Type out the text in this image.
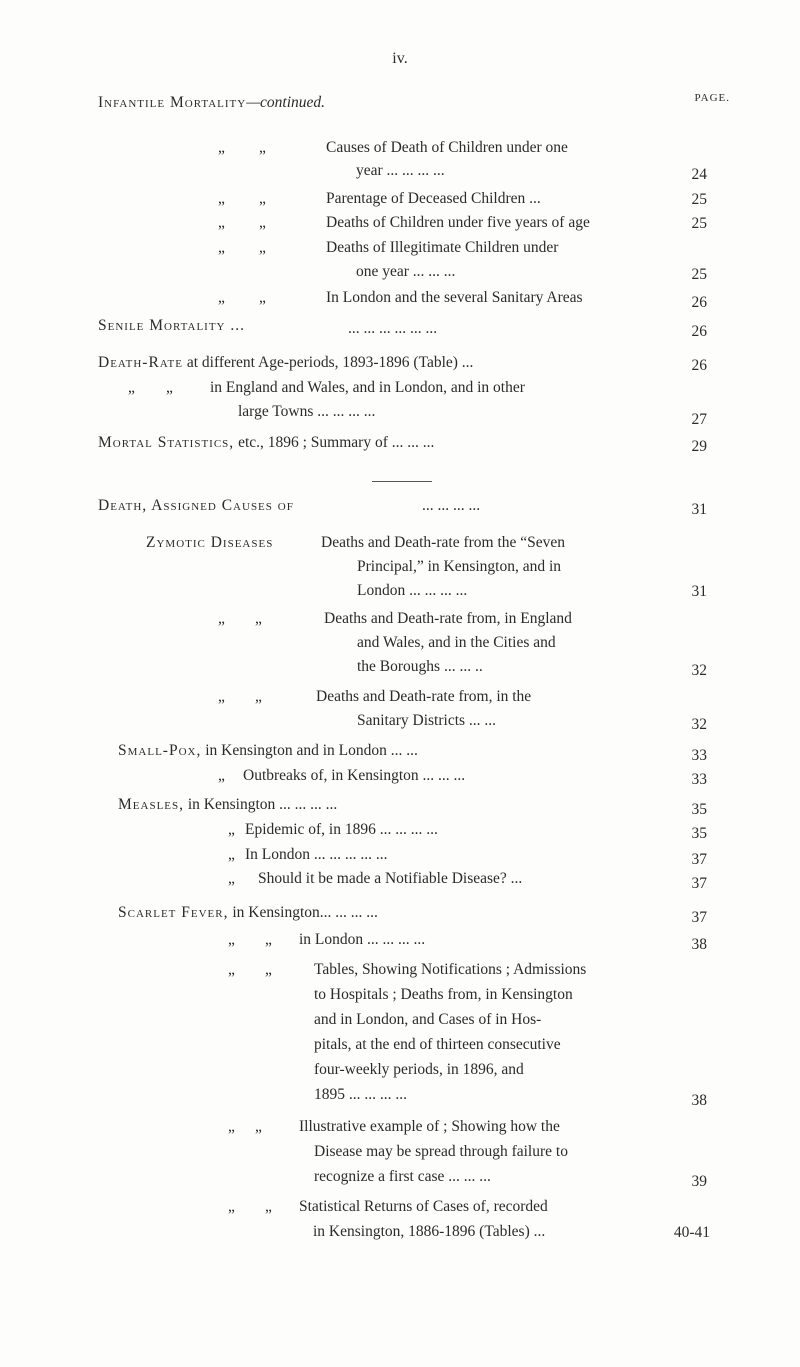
iv.
PAGE.
Infantile Mortality—continued.
„ „	Causes of Death of Children under one
year ... ... ... ...	24
„ „	Parentage of Deceased Children ...	25
„ „	Deaths of Children under five years of age	25
„ „	Deaths of Illegitimate Children under
one year ... ... ...	25
„ „	In London and the several Sanitary Areas	26
Senile Mortality ...	... ... ... ... ... ...	26
Death-Rate at different Age-periods, 1893-1896 (Table) ...	26
„ „ in England and Wales, and in London, and in other
large Towns ... ... ... ...	27
Mortal Statistics, etc., 1896 ; Summary of ... ... ...	29
Death, Assigned Causes of	... ... ... ...	31
Zymotic Diseases	Deaths and Death-rate from the “Seven
Principal,” in Kensington, and in
London ... ... ... ...	31
„ „	Deaths and Death-rate from, in England
and Wales, and in the Cities and
the Boroughs ... ... ..	32
„ „	Deaths and Death-rate from, in the
Sanitary Districts ... ...	32
Small-Pox, in Kensington and in London ... ...	33
„ Outbreaks of, in Kensington ... ... ...	33
Measles, in Kensington ... ... ... ...	35
„ Epidemic of, in 1896 ... ... ... ...	35
„ In London ... ... ... ... ...	37
„ Should it be made a Notifiable Disease? ...	37
Scarlet Fever, in Kensington... ... ... ...	37
„ „ in London ... ... ... ...	38
„ „	Tables, Showing Notifications ; Admissions
to Hospitals ; Deaths from, in Kensington
and in London, and Cases of in Hos-
pitals, at the end of thirteen consecutive
four-weekly periods, in 1896, and
1895 ... ... ... ...	38
„ „ Illustrative example of ; Showing how the
Disease may be spread through failure to
recognize a first case ... ... ...	39
„ „ Statistical Returns of Cases of, recorded
in Kensington, 1886-1896 (Tables) ...	40-41
